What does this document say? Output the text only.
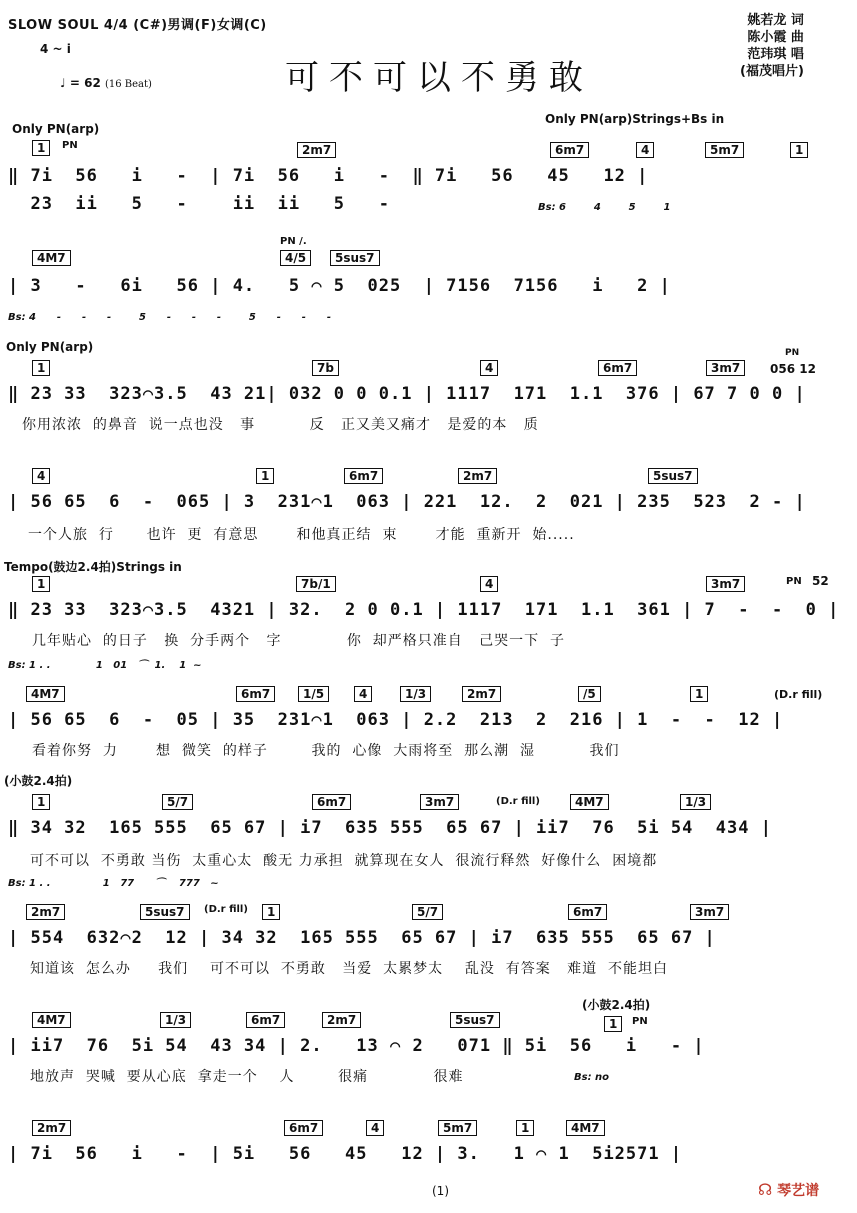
SLOW SOUL 4/4 (C#)男调(F)女调(C)
4 ~ i
♩ = 62 (16 Beat)	可不可以不勇敢
姚若龙 词
陈小霞 曲
范玮琪 唱
(福茂唱片)
Only PN(arp)
Only PN(arp)Strings+Bs in
1	PN	2m7	6m7	4	5m7	1
‖ 7i  56   i   -  | 7i  56   i   -  ‖ 7i   56   45   12 |
23  ii   5   -    ii  ii   5   -	Bs: 6        4        5        1
PN /.
4M7	4/5	5sus7
| 3   -   6i   56 | 4.   5 ⌒ 5  025  | 7156  7156   i   2 |
Bs: 4      -      -      -        5      -      -      -        5      -      -      -
Only PN(arp)
1	7b	4	6m7	3m7
PN
056 12
‖ 23 33  323⌒3.5  43 21| 032 0 0 0.1 | 1117  171  1.1  376 | 67 7 0 0 |
你用浓浓  的鼻音  说一点也没   事          反   正又美又痛才   是爱的本   质
4	1	6m7	2m7	5sus7
| 56 65  6  -  065 | 3  231⌒1  063 | 221  12.  2  021 | 235  523  2 - |
一个人旅  行      也许  更  有意思       和他真正结  束       才能  重新开  始.....
Tempo(鼓边2.4拍)Strings in
1	7b/1	4	3m7	PN 52
‖ 23 33  323⌒3.5  4321 | 32.  2 0 0.1 | 1117  171  1.1  361 | 7  -  -  0 |
几年贴心  的日子   换  分手两个   字            你  却严格只准自   己哭一下  子
Bs: 1 . .             1   01   ⌒  1.    1  ~
4M7	6m7	1/5	4	1/3	2m7	/5	1	(D.r fill)
| 56 65  6  -  05 | 35  231⌒1  063 | 2.2  213  2  216 | 1  -  -  12 |
看着你努  力       想  微笑  的样子        我的  心像  大雨将至  那么潮  湿          我们
(小鼓2.4拍)
1	5/7	6m7	3m7	(D.r fill)	4M7	1/3
‖ 34 32  165 555  65 67 | i7  635 555  65 67 | ii7  76  5i 54  434 |
可不可以  不勇敢 当伤  太重心太  酸无 力承担  就算现在女人  很流行释然  好像什么  困境都
Bs: 1 . .               1   77      ⌒    777   ~
2m7	5sus7	(D.r fill)	1	5/7	6m7	3m7
| 554  632⌒2  12 | 34 32  165 555  65 67 | i7  635 555  65 67 |
知道该  怎么办     我们    可不可以  不勇敢   当爱  太累梦太    乱没  有答案   难道  不能坦白
(小鼓2.4拍)
4M7	1/3	6m7	2m7	5sus7	1	PN
| ii7  76  5i 54  43 34 | 2.   13 ⌒ 2   071 ‖ 5i  56   i   - |
地放声  哭喊  要从心底  拿走一个    人        很痛            很难	Bs: no
2m7	6m7	4	5m7	1	4M7
| 7i  56   i   -  | 5i   56   45   12 | 3.   1 ⌒ 1  5i2571 |
(1)	☊ 琴艺谱
